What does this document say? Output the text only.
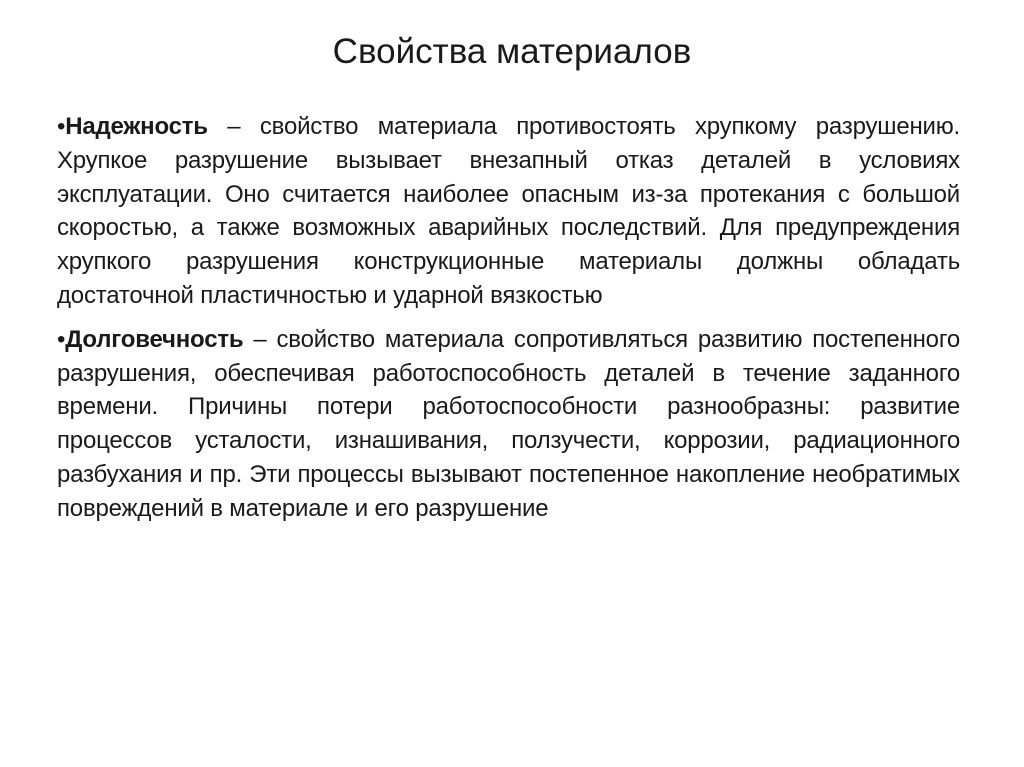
Свойства материалов

•Надежность – свойство материала противостоять хрупкому разрушению. Хрупкое разрушение вызывает внезапный отказ деталей в условиях эксплуатации. Оно считается наиболее опасным из-за протекания с большой скоростью, а также возможных аварийных последствий. Для предупреждения хрупкого разрушения конструкционные материалы должны обладать достаточной пластичностью и ударной вязкостью

•Долговечность – свойство материала сопротивляться развитию постепенного разрушения, обеспечивая работоспособность деталей в течение заданного времени. Причины потери работоспособности разнообразны: развитие процессов усталости, изнашивания, ползучести, коррозии, радиационного разбухания и пр. Эти процессы вызывают постепенное накопление необратимых повреждений в материале и его разрушение
